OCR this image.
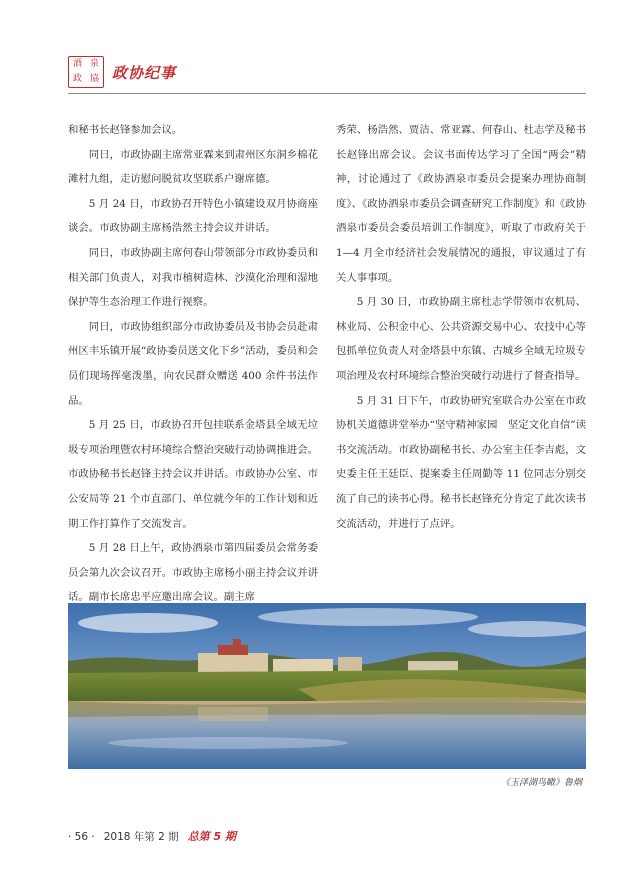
酒 泉
政 協 政协纪事

和秘书长赵锋参加会议。

同日，市政协副主席常亚霖来到肃州区东洞乡棉花滩村九组，走访慰问脱贫攻坚联系户谢席德。

5 月 24 日，市政协召开特色小镇建设双月协商座谈会。市政协副主席杨浩然主持会议并讲话。

同日，市政协副主席何春山带领部分市政协委员和相关部门负责人，对我市植树造林、沙漠化治理和湿地保护等生态治理工作进行视察。

同日，市政协组织部分市政协委员及书协会员赴肃州区丰乐镇开展“政协委员送文化下乡”活动，委员和会员们现场挥毫泼墨，向农民群众赠送 400 余件书法作品。

5 月 25 日，市政协召开包挂联系金塔县全域无垃圾专项治理暨农村环境综合整治突破行动协调推进会。市政协秘书长赵锋主持会议并讲话。市政协办公室、市公安局等 21 个市直部门、单位就今年的工作计划和近期工作打算作了交流发言。

5 月 28 日上午，政协酒泉市第四届委员会常务委员会第九次会议召开。市政协主席杨小丽主持会议并讲话。副市长席忠平应邀出席会议。副主席

秀荣、杨浩然、贾洁、常亚霖、何春山、杜志学及秘书长赵锋出席会议。会议书面传达学习了全国“两会”精神，讨论通过了《政协酒泉市委员会提案办理协商制度》、《政协酒泉市委员会调查研究工作制度》和《政协酒泉市委员会委员培训工作制度》，听取了市政府关于 1—4 月全市经济社会发展情况的通报，审议通过了有关人事事项。

5 月 30 日，市政协副主席杜志学带领市农机局、林业局、公积金中心、公共资源交易中心、农技中心等包抓单位负责人对金塔县中东镇、古城乡全域无垃圾专项治理及农村环境综合整治突破行动进行了督查指导。

5 月 31 日下午，市政协研究室联合办公室在市政协机关道德讲堂举办“坚守精神家园　坚定文化自信”读书交流活动。市政协副秘书长、办公室主任李吉彪，文史委主任王廷臣、提案委主任周勤等 11 位同志分别交流了自己的读书心得。秘书长赵锋充分肯定了此次读书交流活动，并进行了点评。

《玉泽湖鸟瞰》鲁炯
· 56 · 2018 年第 2 期 总第 5 期
